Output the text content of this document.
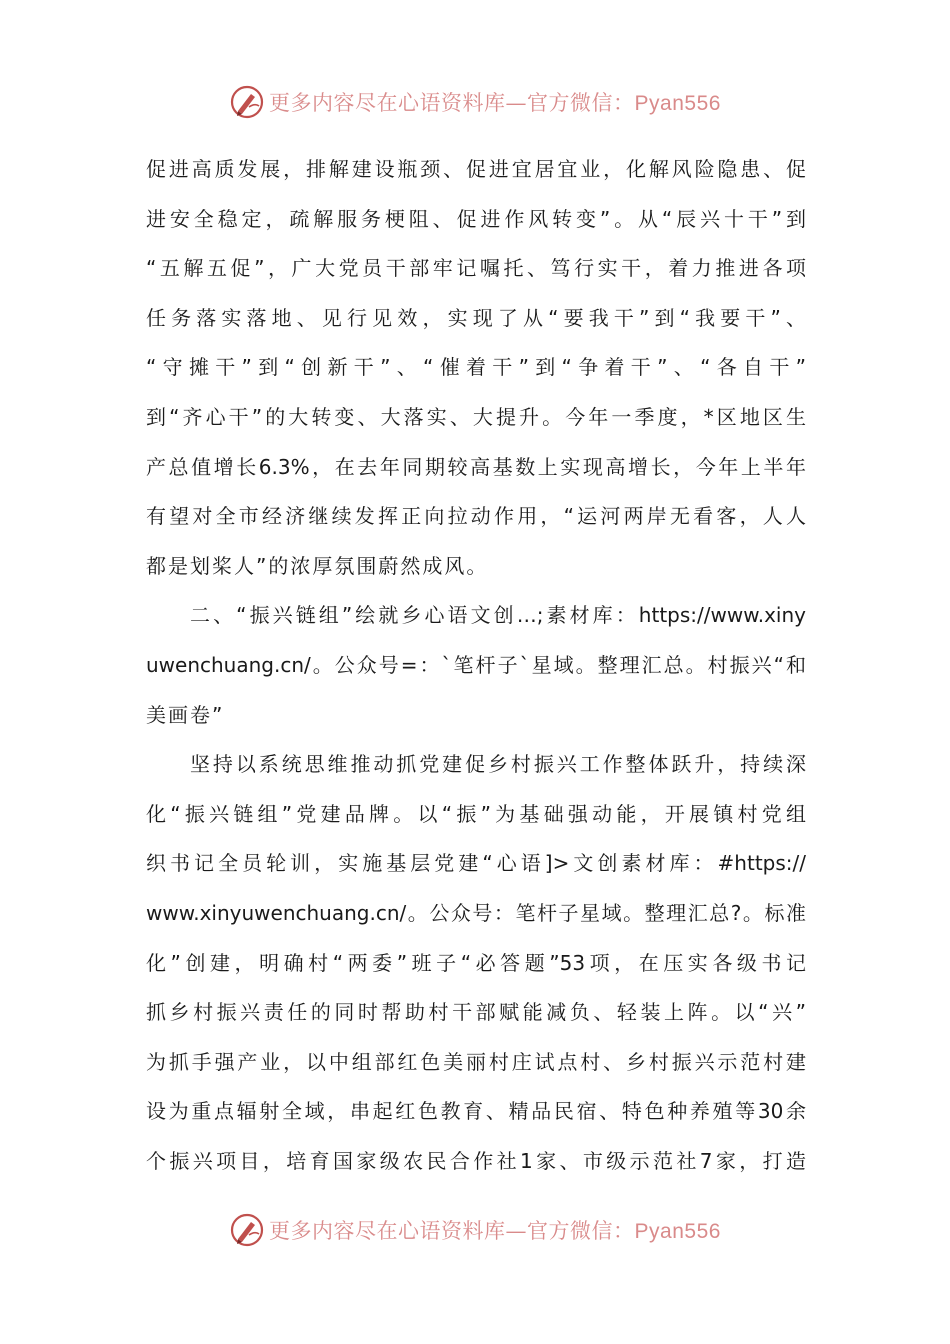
更多内容尽在心语资料库—官方微信：Pyan556
促进高质发展，排解建设瓶颈、促进宜居宜业，化解风险隐患、促
进安全稳定，疏解服务梗阻、促进作风转变”。从“辰兴十干”到
“五解五促”，广大党员干部牢记嘱托、笃行实干，着力推进各项
任务落实落地、见行见效，实现了从“要我干”到“我要干”、
“守摊干”到“创新干”、“催着干”到“争着干”、“各自干”
到“齐心干”的大转变、大落实、大提升。今年一季度，*区地区生
产总值增长6.3%，在去年同期较高基数上实现高增长，今年上半年
有望对全市经济继续发挥正向拉动作用，“运河两岸无看客，人人
都是划桨人”的浓厚氛围蔚然成风。
二、“振兴链组”绘就乡心语文创…;素材库：https://www.xiny
uwenchuang.cn/。公众号=：`笔杆子`星域。整理汇总。村振兴“和
美画卷”
坚持以系统思维推动抓党建促乡村振兴工作整体跃升，持续深
化“振兴链组”党建品牌。以“振”为基础强动能，开展镇村党组
织书记全员轮训，实施基层党建“心语]>文创素材库：#https://
www.xinyuwenchuang.cn/。公众号：笔杆子星域。整理汇总?。标准
化”创建，明确村“两委”班子“必答题”53项，在压实各级书记
抓乡村振兴责任的同时帮助村干部赋能减负、轻装上阵。以“兴”
为抓手强产业，以中组部红色美丽村庄试点村、乡村振兴示范村建
设为重点辐射全域，串起红色教育、精品民宿、特色种养殖等30余
个振兴项目，培育国家级农民合作社1家、市级示范社7家，打造
更多内容尽在心语资料库—官方微信：Pyan556
